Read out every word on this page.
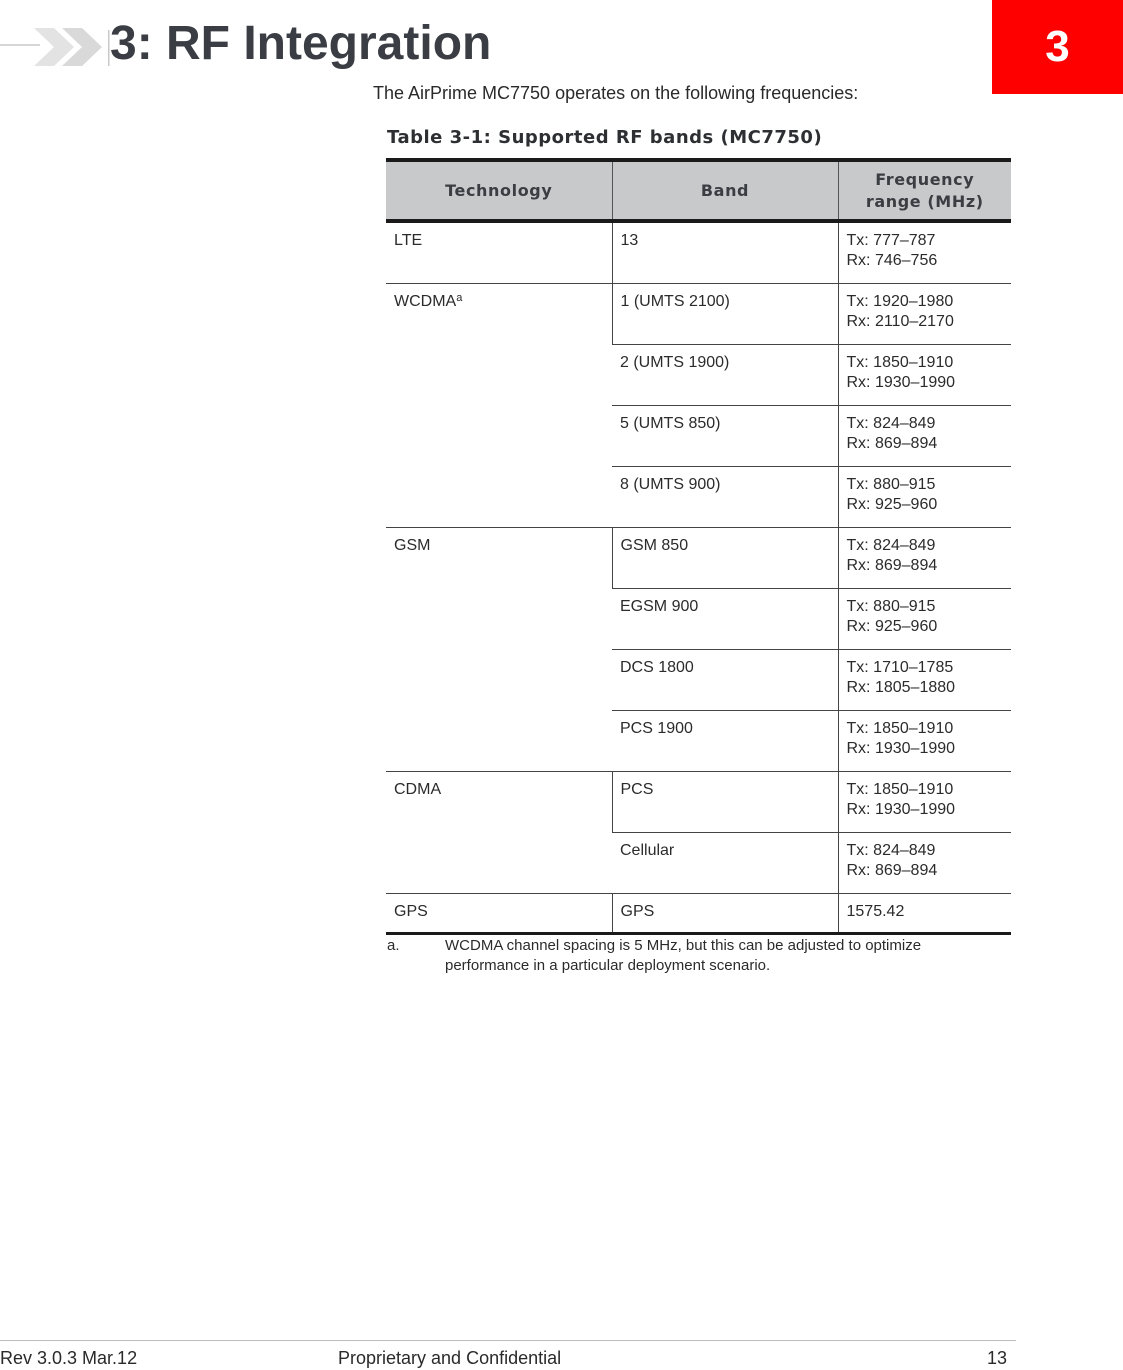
3: RF Integration	3

The AirPrime MC7750 operates on the following frequencies:

Table 3-1: Supported RF bands (MC7750)

Technology	Band	Frequency range (MHz)
LTE	13	Tx: 777–787
Rx: 746–756

WCDMA$^a$	1 (UMTS 2100)	Tx: 1920–1980
Rx: 2110–2170

	2 (UMTS 1900)	Tx: 1850–1910
Rx: 1930–1990

	5 (UMTS 850)	Tx: 824–849
Rx: 869–894

	8 (UMTS 900)	Tx: 880–915
Rx: 925–960

GSM	GSM 850	Tx: 824–849
Rx: 869–894

	EGSM 900	Tx: 880–915
Rx: 925–960

	DCS 1800	Tx: 1710–1785
Rx: 1805–1880

	PCS 1900	Tx: 1850–1910
Rx: 1930–1990

CDMA	PCS	Tx: 1850–1910
Rx: 1930–1990

	Cellular	Tx: 824–849
Rx: 869–894

GPS	GPS	1575.42
a.	WCDMA channel spacing is 5 MHz, but this can be adjusted to optimize performance in a particular deployment scenario.
Rev 3.0.3 Mar.12	Proprietary and Confidential	13
